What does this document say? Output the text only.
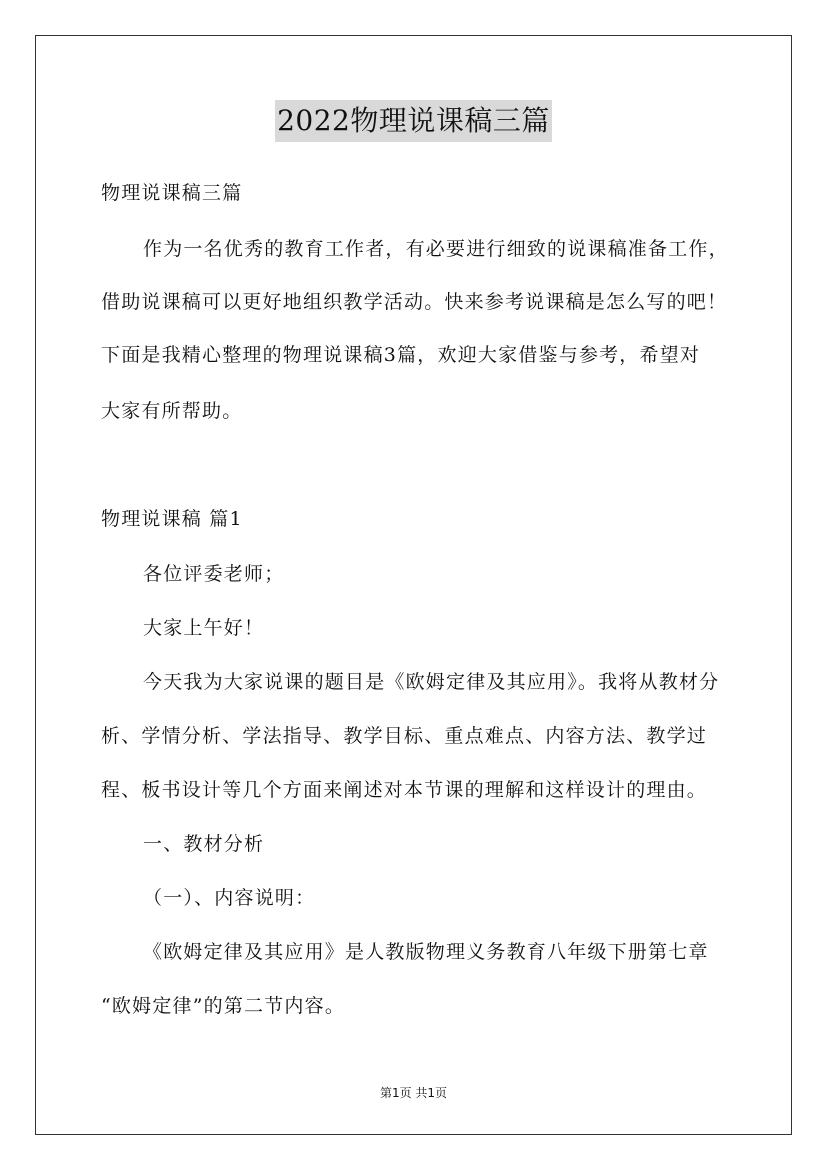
2022物理说课稿三篇
物理说课稿三篇
作为一名优秀的教育工作者，有必要进行细致的说课稿准备工作，
借助说课稿可以更好地组织教学活动。快来参考说课稿是怎么写的吧！
下面是我精心整理的物理说课稿3篇，欢迎大家借鉴与参考，希望对
大家有所帮助。
物理说课稿 篇1
各位评委老师；
大家上午好！
今天我为大家说课的题目是《欧姆定律及其应用》。我将从教材分
析、学情分析、学法指导、教学目标、重点难点、内容方法、教学过
程、板书设计等几个方面来阐述对本节课的理解和这样设计的理由。
一、教材分析
（一）、内容说明：
《欧姆定律及其应用》是人教版物理义务教育八年级下册第七章
“欧姆定律”的第二节内容。
第1页 共1页
